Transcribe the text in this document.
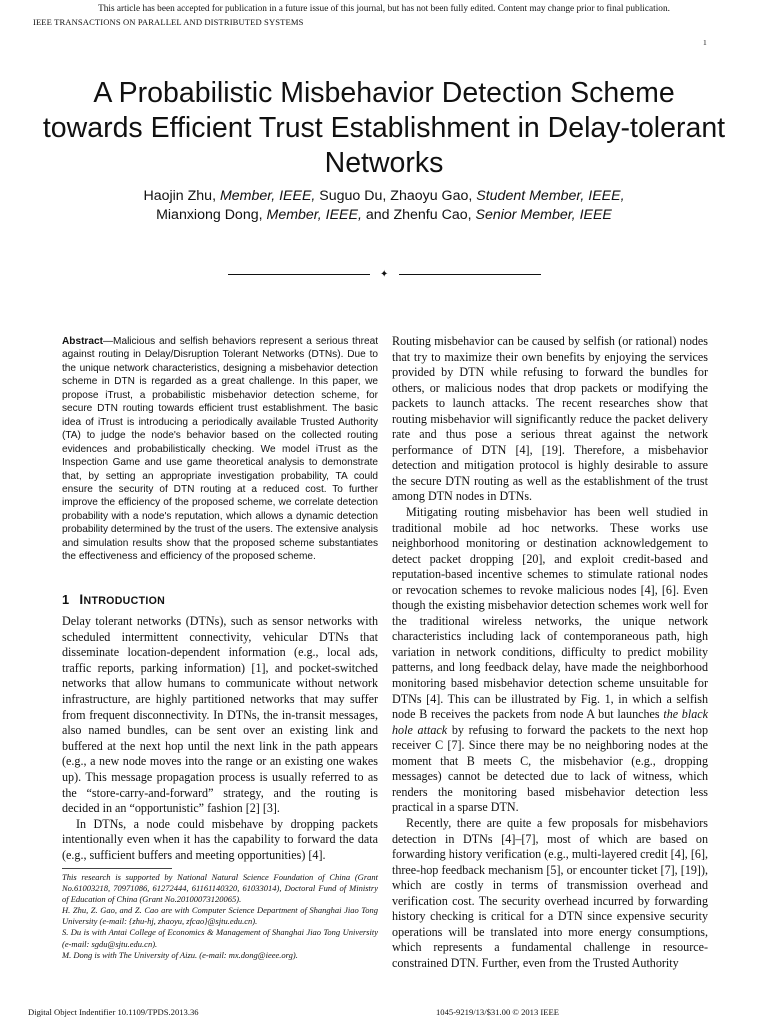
This article has been accepted for publication in a future issue of this journal, but has not been fully edited. Content may change prior to final publication.
IEEE TRANSACTIONS ON PARALLEL AND DISTRIBUTED SYSTEMS
1
A Probabilistic Misbehavior Detection Scheme towards Efficient Trust Establishment in Delay-tolerant Networks
Haojin Zhu, Member, IEEE, Suguo Du, Zhaoyu Gao, Student Member, IEEE,
Mianxiong Dong, Member, IEEE, and Zhenfu Cao, Senior Member, IEEE
✦
Abstract—Malicious and selfish behaviors represent a serious threat against routing in Delay/Disruption Tolerant Networks (DTNs). Due to the unique network characteristics, designing a misbehavior detection scheme in DTN is regarded as a great challenge. In this paper, we propose iTrust, a probabilistic misbehavior detection scheme, for secure DTN routing towards efficient trust establishment. The basic idea of iTrust is introducing a periodically available Trusted Authority (TA) to judge the node's behavior based on the collected routing evidences and probabilistically checking. We model iTrust as the Inspection Game and use game theoretical analysis to demonstrate that, by setting an appropriate investigation probability, TA could ensure the security of DTN routing at a reduced cost. To further improve the efficiency of the proposed scheme, we correlate detection probability with a node's reputation, which allows a dynamic detection probability determined by the trust of the users. The extensive analysis and simulation results show that the proposed scheme substantiates the effectiveness and efficiency of the proposed scheme.
1 INTRODUCTION

Delay tolerant networks (DTNs), such as sensor networks with scheduled intermittent connectivity, vehicular DTNs that disseminate location-dependent information (e.g., local ads, traffic reports, parking information) [1], and pocket-switched networks that allow humans to communicate without network infrastructure, are highly partitioned networks that may suffer from frequent disconnectivity. In DTNs, the in-transit messages, also named bundles, can be sent over an existing link and buffered at the next hop until the next link in the path appears (e.g., a new node moves into the range or an existing one wakes up). This message propagation process is usually referred to as the “store-carry-and-forward” strategy, and the routing is decided in an “opportunistic” fashion [2] [3].

In DTNs, a node could misbehave by dropping packets intentionally even when it has the capability to forward the data (e.g., sufficient buffers and meeting opportunities) [4].

This research is supported by National Natural Science Foundation of China (Grant No.61003218, 70971086, 61272444, 61161140320, 61033014), Doctoral Fund of Ministry of Education of China (Grant No.20100073120065).

H. Zhu, Z. Gao, and Z. Cao are with Computer Science Department of Shanghai Jiao Tong University (e-mail: {zhu-hj, zhaoyu, zfcao}@sjtu.edu.cn).

S. Du is with Antai College of Economics & Management of Shanghai Jiao Tong University (e-mail: sgdu@sjtu.edu.cn).

M. Dong is with The University of Aizu. (e-mail: mx.dong@ieee.org).

Routing misbehavior can be caused by selfish (or rational) nodes that try to maximize their own benefits by enjoying the services provided by DTN while refusing to forward the bundles for others, or malicious nodes that drop packets or modifying the packets to launch attacks. The recent researches show that routing misbehavior will significantly reduce the packet delivery rate and thus pose a serious threat against the network performance of DTN [4], [19]. Therefore, a misbehavior detection and mitigation protocol is highly desirable to assure the secure DTN routing as well as the establishment of the trust among DTN nodes in DTNs.

Mitigating routing misbehavior has been well studied in traditional mobile ad hoc networks. These works use neighborhood monitoring or destination acknowledgement to detect packet dropping [20], and exploit credit-based and reputation-based incentive schemes to stimulate rational nodes or revocation schemes to revoke malicious nodes [4], [6]. Even though the existing misbehavior detection schemes work well for the traditional wireless networks, the unique network characteristics including lack of contemporaneous path, high variation in network conditions, difficulty to predict mobility patterns, and long feedback delay, have made the neighborhood monitoring based misbehavior detection scheme unsuitable for DTNs [4]. This can be illustrated by Fig. 1, in which a selfish node B receives the packets from node A but launches the black hole attack by refusing to forward the packets to the next hop receiver C [7]. Since there may be no neighboring nodes at the moment that B meets C, the misbehavior (e.g., dropping messages) cannot be detected due to lack of witness, which renders the monitoring based misbehavior detection less practical in a sparse DTN.

Recently, there are quite a few proposals for misbehaviors detection in DTNs [4]–[7], most of which are based on forwarding history verification (e.g., multi-layered credit [4], [6], three-hop feedback mechanism [5], or encounter ticket [7], [19]), which are costly in terms of transmission overhead and verification cost. The security overhead incurred by forwarding history checking is critical for a DTN since expensive security operations will be translated into more energy consumptions, which represents a fundamental challenge in resource-constrained DTN. Further, even from the Trusted Authority

Digital Object Indentifier 10.1109/TPDS.2013.36	1045-9219/13/$31.00 © 2013 IEEE
